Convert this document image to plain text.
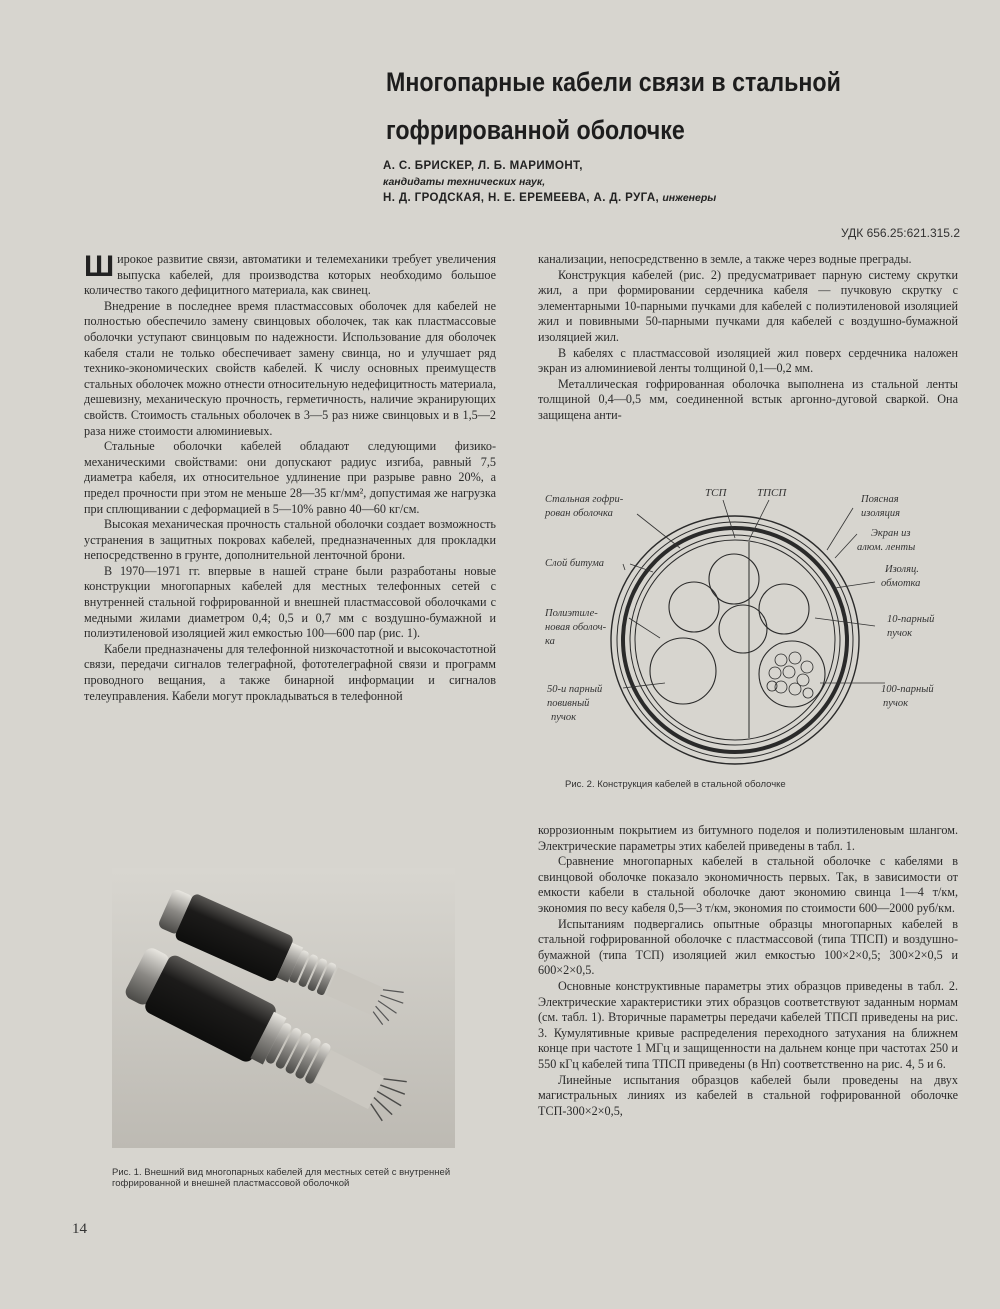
Многопарные кабели связи в стальной
гофрированной оболочке
А. С. БРИСКЕР, Л. Б. МАРИМОНТ,
кандидаты технических наук,
Н. Д. ГРОДСКАЯ, Н. Е. ЕРЕМЕЕВА, А. Д. РУГА, инженеры
УДК 656.25:621.315.2

Широкое развитие связи, автоматики и телемеханики требует увеличения выпуска кабелей, для производства которых необходимо большое количество такого дефицитного материала, как свинец.

Внедрение в последнее время пластмассовых оболочек для кабелей не полностью обеспечило замену свинцовых оболочек, так как пластмассовые оболочки уступают свинцовым по надежности. Использование для оболочек кабеля стали не только обеспечивает замену свинца, но и улучшает ряд технико-экономических свойств кабелей. К числу основных преимуществ стальных оболочек можно отнести относительную недефицитность материала, дешевизну, механическую прочность, герметичность, наличие экранирующих свойств. Стоимость стальных оболочек в 3—5 раз ниже свинцовых и в 1,5—2 раза ниже стоимости алюминиевых.

Стальные оболочки кабелей обладают следующими физико-механическими свойствами: они допускают радиус изгиба, равный 7,5 диаметра кабеля, их относительное удлинение при разрыве равно 20%, а предел прочности при этом не меньше 28—35 кг/мм², допустимая же нагрузка при сплющивании с деформацией в 5—10% равно 40—60 кг/см.

Высокая механическая прочность стальной оболочки создает возможность устранения в защитных покровах кабелей, предназначенных для прокладки непосредственно в грунте, дополнительной ленточной брони.

В 1970—1971 гг. впервые в нашей стране были разработаны новые конструкции многопарных кабелей для местных телефонных сетей с внутренней стальной гофрированной и внешней пластмассовой оболочками с медными жилами диаметром 0,4; 0,5 и 0,7 мм с воздушно-бумажной и полиэтиленовой изоляцией жил емкостью 100—600 пар (рис. 1).

Кабели предназначены для телефонной низкочастотной и высокочастотной связи, передачи сигналов телеграфной, фототелеграфной связи и программ проводного вещания, а также бинарной информации и сигналов телеуправления. Кабели могут прокладываться в телефонной

канализации, непосредственно в земле, а также через водные преграды.

Конструкция кабелей (рис. 2) предусматривает парную систему скрутки жил, а при формировании сердечника кабеля — пучковую скрутку с элементарными 10-парными пучками для кабелей с полиэтиленовой изоляцией жил и повивными 50-парными пучками для кабелей с воздушно-бумажной изоляцией жил.

В кабелях с пластмассовой изоляцией жил поверх сердечника наложен экран из алюминиевой ленты толщиной 0,1—0,2 мм.

Металлическая гофрированная оболочка выполнена из стальной ленты толщиной 0,4—0,5 мм, соединенной встык аргонно-дуговой сваркой. Она защищена анти-

Стальная гофри-рован оболочка
ТСП	ТПСП
Поясная изоляция
Экран из алюм. ленты
Слой битума
Изоляц. обмотка
Полиэтиле-новая оболоч-ка
10-парный пучок
50-и парный повивный пучок
100-парный пучок
Рис. 2. Конструкция кабелей в стальной оболочке

коррозионным покрытием из битумного поделоя и полиэтиленовым шлангом. Электрические параметры этих кабелей приведены в табл. 1.

Сравнение многопарных кабелей в стальной оболочке с кабелями в свинцовой оболочке показало экономичность первых. Так, в зависимости от емкости кабели в стальной оболочке дают экономию свинца 1—4 т/км, экономия по весу кабеля 0,5—3 т/км, экономия по стоимости 600—2000 руб/км.

Испытаниям подвергались опытные образцы многопарных кабелей в стальной гофрированной оболочке с пластмассовой (типа ТПСП) и воздушно-бумажной (типа ТСП) изоляцией жил емкостью 100×2×0,5; 300×2×0,5 и 600×2×0,5.

Основные конструктивные параметры этих образцов приведены в табл. 2. Электрические характеристики этих образцов соответствуют заданным нормам (см. табл. 1). Вторичные параметры передачи кабелей ТПСП приведены на рис. 3. Кумулятивные кривые распределения переходного затухания на ближнем конце при частоте 1 МГц и защищенности на дальнем конце при частотах 250 и 550 кГц кабелей типа ТПСП приведены (в Нп) соответственно на рис. 4, 5 и 6.

Линейные испытания образцов кабелей были проведены на двух магистральных линиях из кабелей в стальной гофрированной оболочке ТСП-300×2×0,5,

Рис. 1. Внешний вид многопарных кабелей для местных сетей с внутренней гофрированной и внешней пластмассовой оболочкой
14
